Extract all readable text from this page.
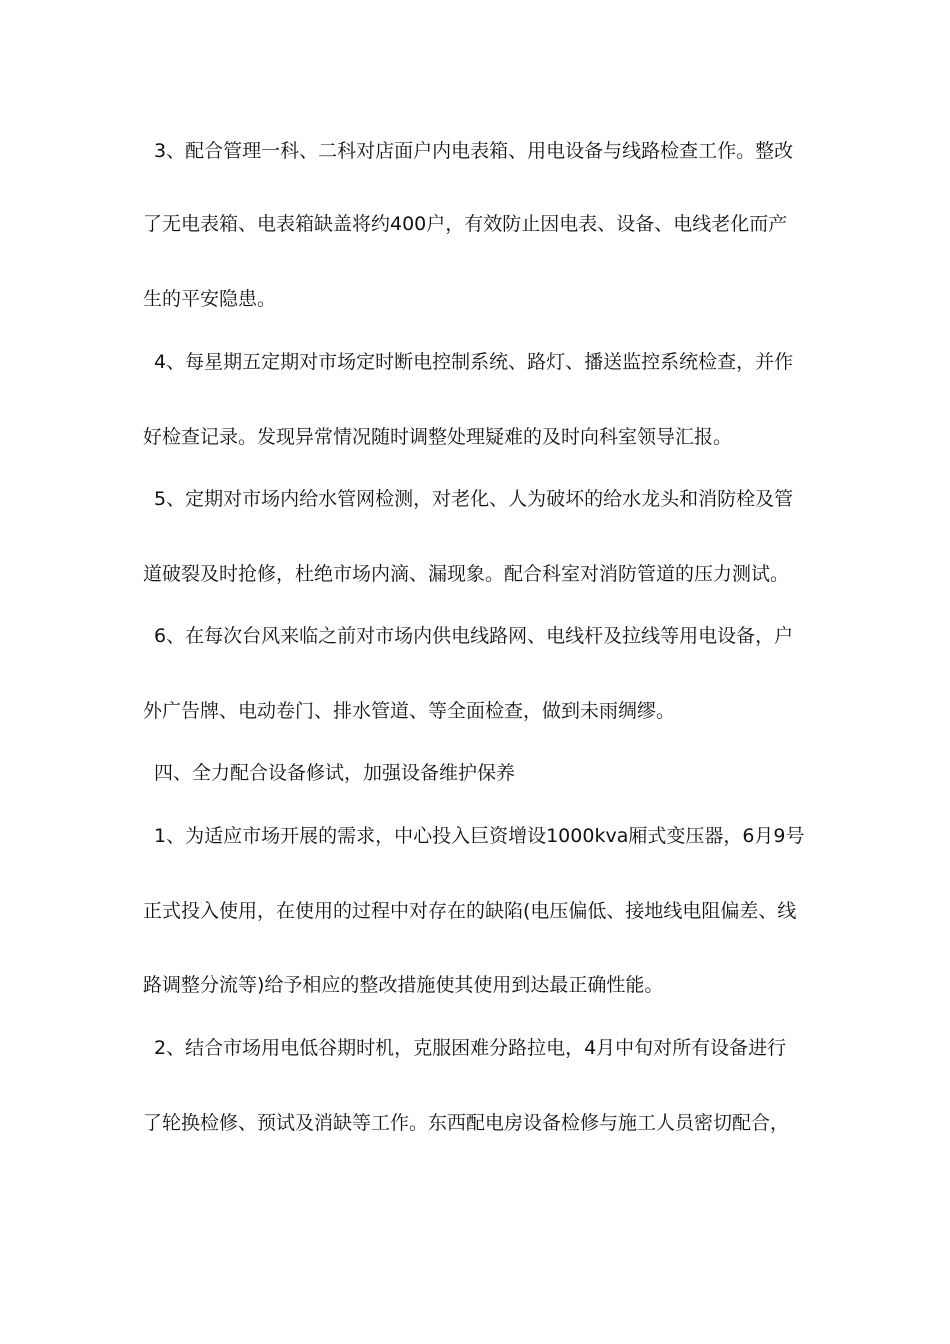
3、配合管理一科、二科对店面户内电表箱、用电设备与线路检查工作。整改
了无电表箱、电表箱缺盖将约400户，有效防止因电表、设备、电线老化而产
生的平安隐患。
4、每星期五定期对市场定时断电控制系统、路灯、播送监控系统检查，并作
好检查记录。发现异常情况随时调整处理疑难的及时向科室领导汇报。
5、定期对市场内给水管网检测，对老化、人为破坏的给水龙头和消防栓及管
道破裂及时抢修，杜绝市场内滴、漏现象。配合科室对消防管道的压力测试。
6、在每次台风来临之前对市场内供电线路网、电线杆及拉线等用电设备，户
外广告牌、电动卷门、排水管道、等全面检查，做到未雨绸缪。
四、全力配合设备修试，加强设备维护保养
1、为适应市场开展的需求，中心投入巨资增设1000kva厢式变压器，6月9号
正式投入使用，在使用的过程中对存在的缺陷(电压偏低、接地线电阻偏差、线
路调整分流等)给予相应的整改措施使其使用到达最正确性能。
2、结合市场用电低谷期时机，克服困难分路拉电，4月中旬对所有设备进行
了轮换检修、预试及消缺等工作。东西配电房设备检修与施工人员密切配合，
